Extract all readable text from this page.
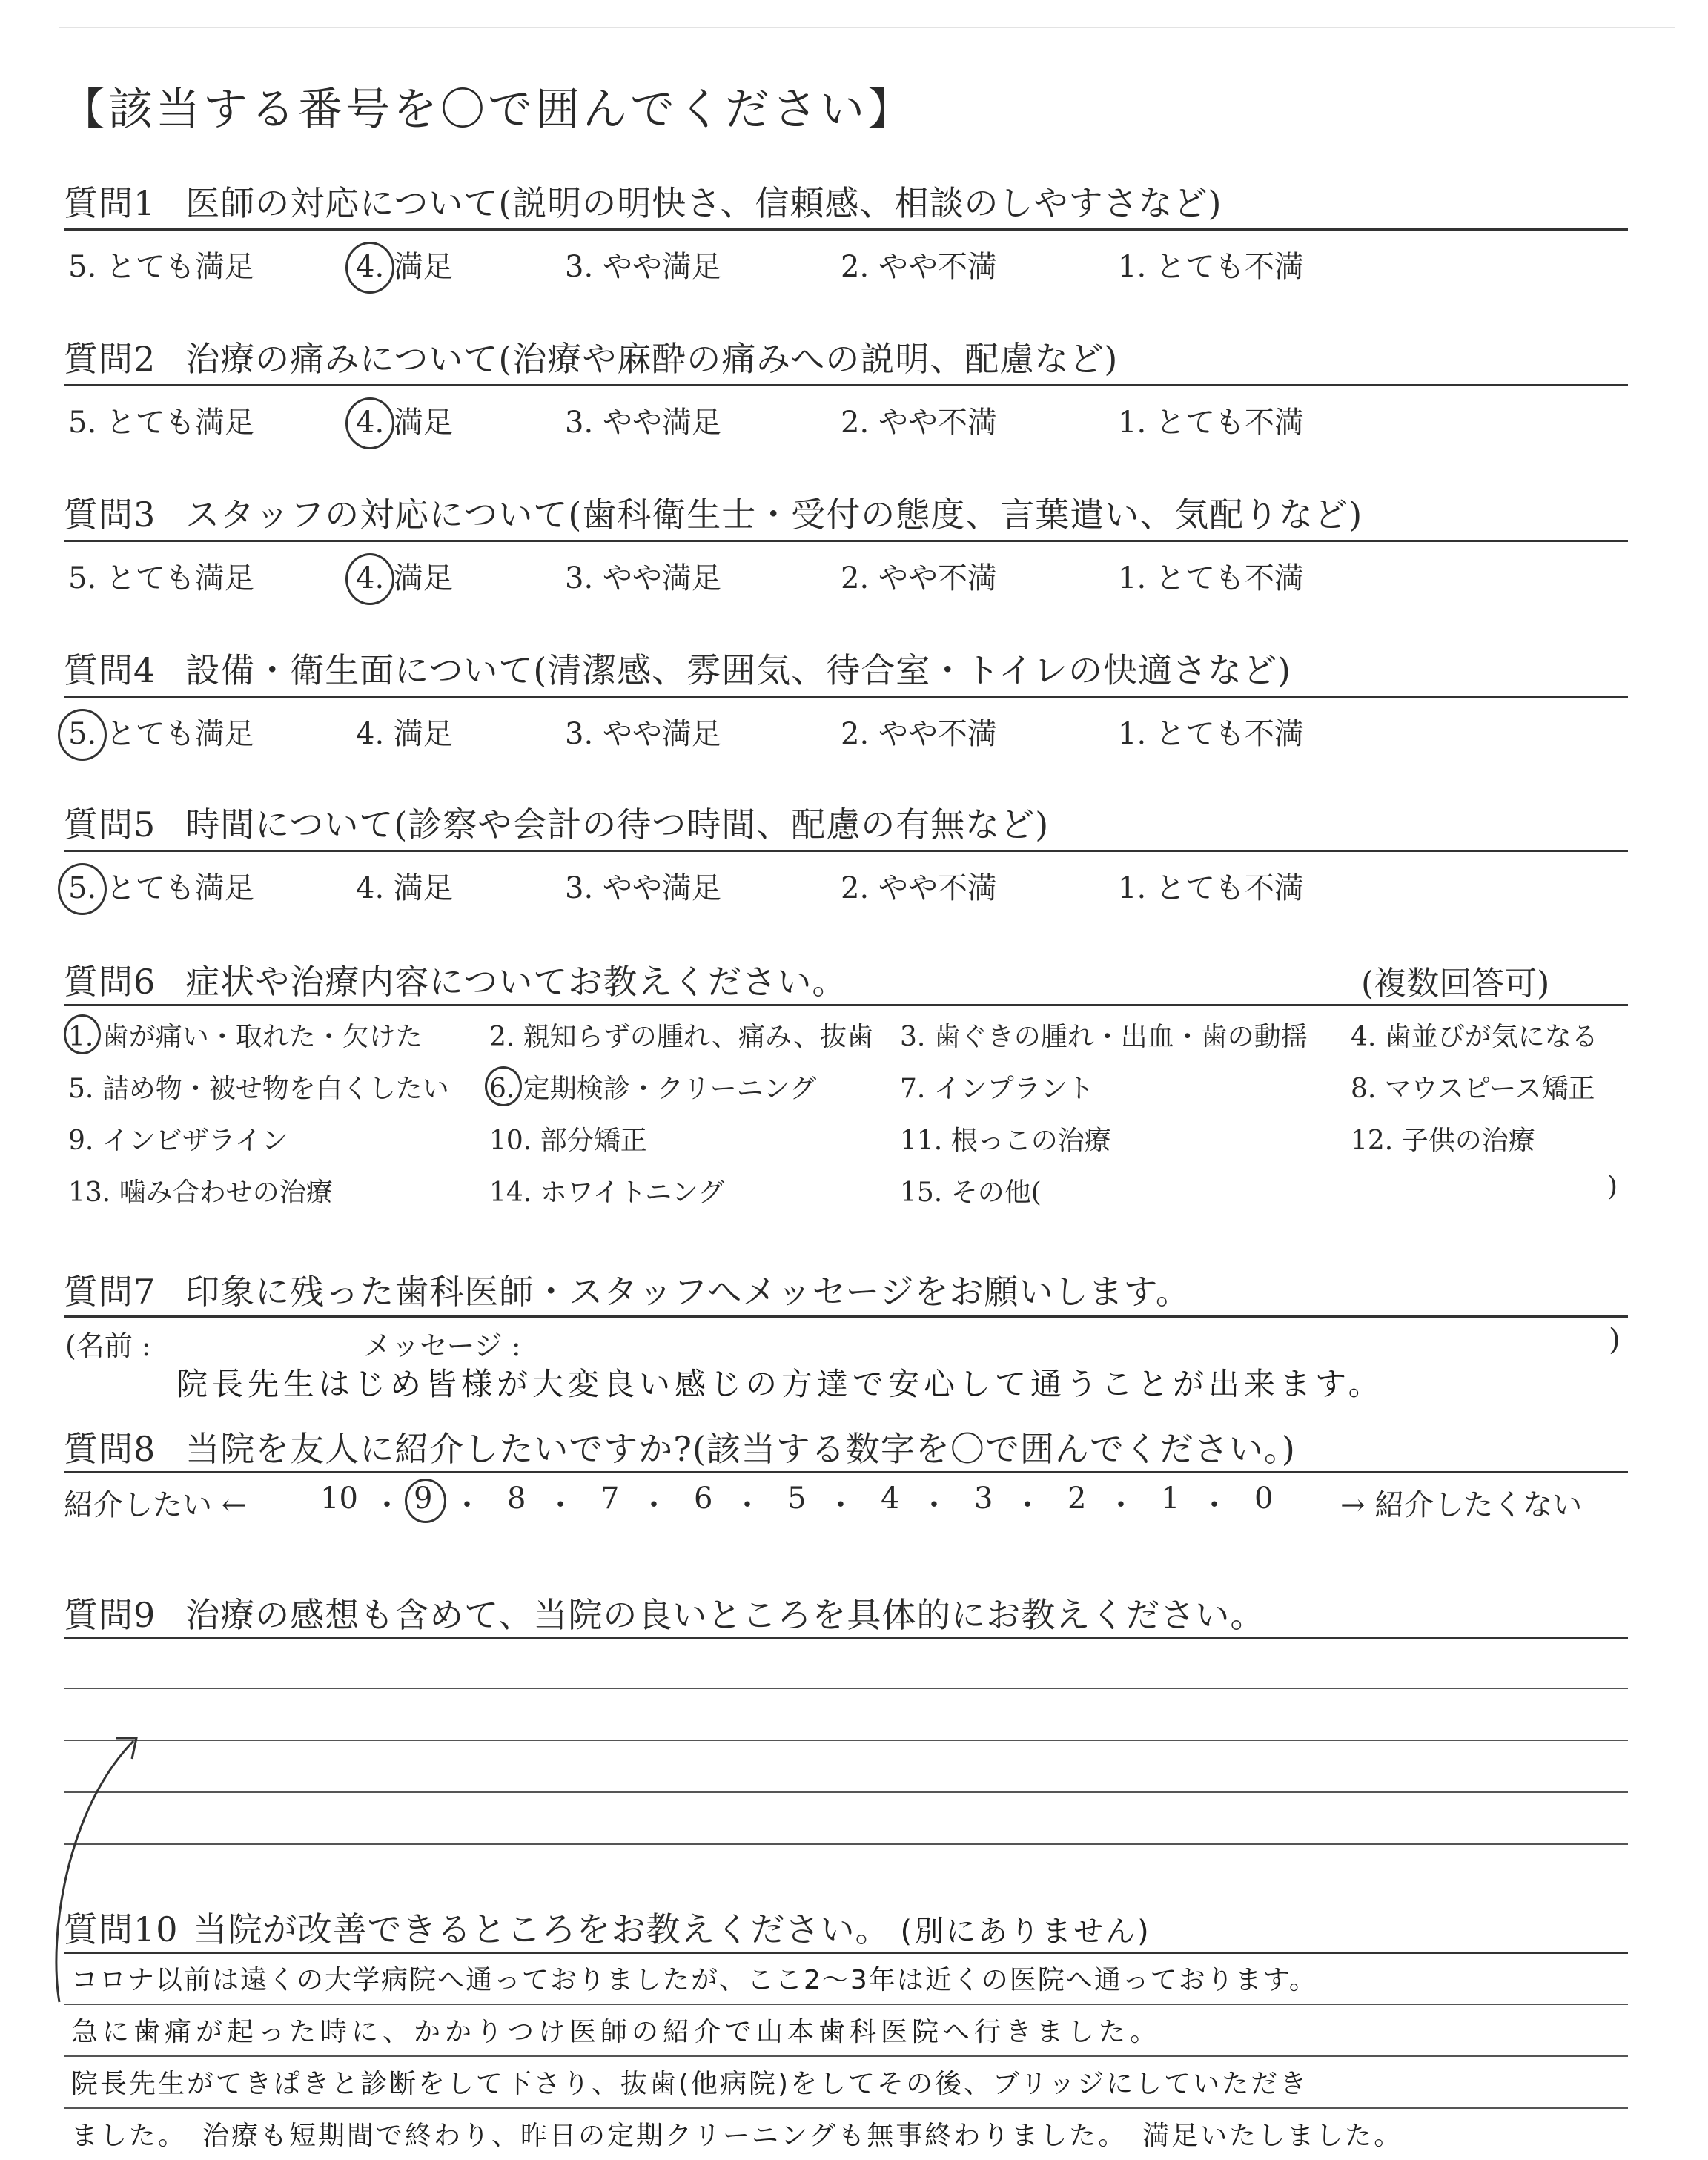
【該当する番号を〇で囲んでください】
質問1 医師の対応について(説明の明快さ、信頼感、相談のしやすさなど)
質問2 治療の痛みについて(治療や麻酔の痛みへの説明、配慮など)
質問3 スタッフの対応について(歯科衛生士・受付の態度、言葉遣い、気配りなど)
質問4 設備・衛生面について(清潔感、雰囲気、待合室・トイレの快適さなど)
質問5 時間について(診察や会計の待つ時間、配慮の有無など)
5. とても満足	4. 満足	3. やや満足	2. やや不満	1. とても不満
5. とても満足	4. 満足	3. やや満足	2. やや不満	1. とても不満
5. とても満足	4. 満足	3. やや満足	2. やや不満	1. とても不満
5. とても満足	4. 満足	3. やや満足	2. やや不満	1. とても不満
5. とても満足	4. 満足	3. やや満足	2. やや不満	1. とても不満
質問6 症状や治療内容についてお教えください。	(複数回答可)
1. 歯が痛い・取れた・欠けた	2. 親知らずの腫れ、痛み、抜歯 3. 歯ぐきの腫れ・出血・歯の動揺 4. 歯並びが気になる
5. 詰め物・被せ物を白くしたい 6. 定期検診・クリーニング	7. インプラント	8. マウスピース矯正
9. インビザライン	10. 部分矯正	11. 根っこの治療	12. 子供の治療
13. 噛み合わせの治療	14. ホワイトニング	15. その他(	)
質問7 印象に残った歯科医師・スタッフへメッセージをお願いします。
(名前 :	メッセージ :	)
院長先生はじめ皆様が大変良い感じの方達で安心して通うことが出来ます。
質問8 当院を友人に紹介したいですか?(該当する数字を〇で囲んでください。)
紹介したい ←	→ 紹介したくない
10 ・ 9 ・ 8 ・ 7 ・ 6 ・ 5 ・ 4 ・ 3 ・ 2 ・ 1 ・ 0
質問9 治療の感想も含めて、当院の良いところを具体的にお教えください。
質問10 当院が改善できるところをお教えください。 (別にありません)
コロナ以前は遠くの大学病院へ通っておりましたが、ここ2～3年は近くの医院へ通っております。
急に歯痛が起った時に、かかりつけ医師の紹介で山本歯科医院へ行きました。
院長先生がてきぱきと診断をして下さり、抜歯(他病院)をしてその後、ブリッジにしていただき
ました。　治療も短期間で終わり、昨日の定期クリーニングも無事終わりました。　満足いたしました。
